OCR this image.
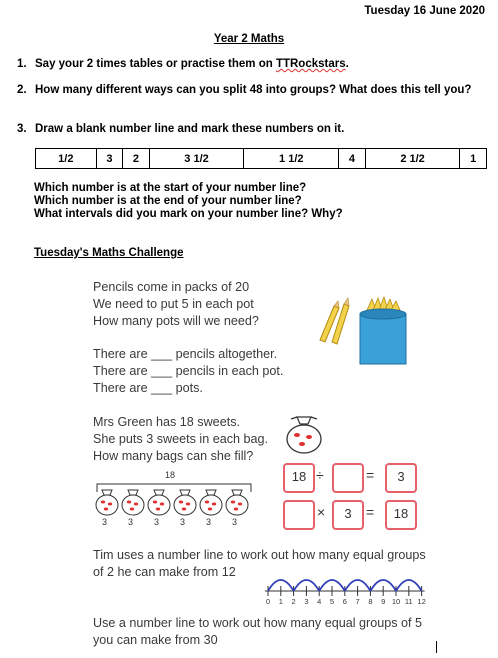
Tuesday 16 June 2020
Year 2 Maths
1. Say your 2 times tables or practise them on TTRockstars.
2. How many different ways can you split 48 into groups? What does this tell you?
3. Draw a blank number line and mark these numbers on it.
1/2	3	2	3 1/2	1 1/2	4	2 1/2	1
Which number is at the start of your number line?
Which number is at the end of your number line?
What intervals did you mark on your number line? Why?
Tuesday's Maths Challenge
Pencils come in packs of 20
We need to put 5 in each pot
How many pots will we need?
There are ___ pencils altogether.
There are ___ pencils in each pot.
There are ___ pots.
Mrs Green has 18 sweets.
She puts 3 sweets in each bag.
How many bags can she fill?
18
3 3 3 3 3 3
18 ÷	=	3
×	3	=	18
Tim uses a number line to work out how many equal groups
of 2 he can make from 12
0 1 2 3 4 5 6 7 8 9 10 11 12
Use a number line to work out how many equal groups of 5
you can make from 30
